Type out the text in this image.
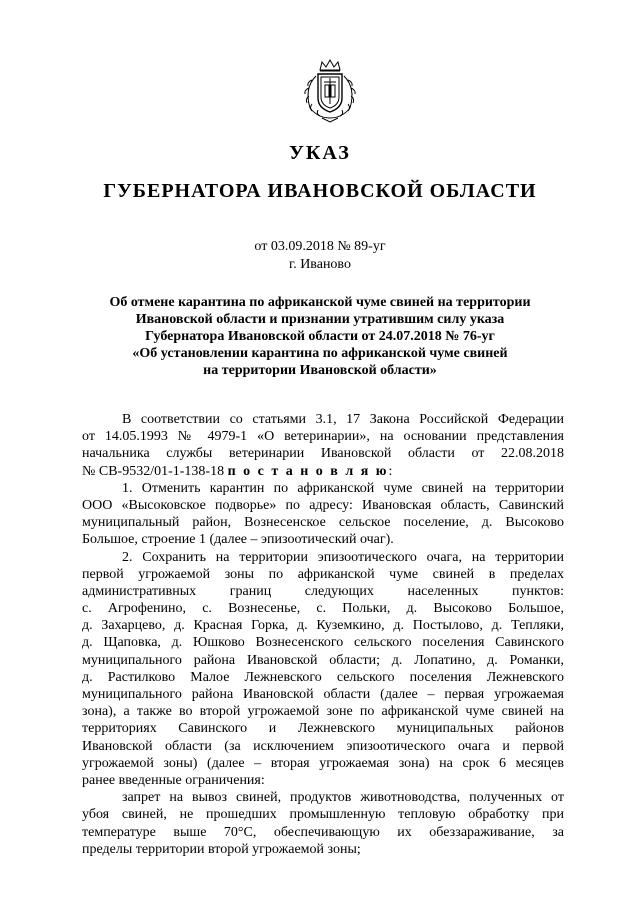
УКАЗ
ГУБЕРНАТОРА ИВАНОВСКОЙ ОБЛАСТИ
от 03.09.2018 № 89-уг
г. Иваново
Об отмене карантина по африканской чуме свиней на территории
Ивановской области и признании утратившим силу указа
Губернатора Ивановской области от 24.07.2018 № 76-уг
«Об установлении карантина по африканской чуме свиней
на территории Ивановской области»
В соответствии со статьями 3.1, 17 Закона Российской Федерации
от 14.05.1993 № 4979-1 «О ветеринарии», на основании представления
начальника службы ветеринарии Ивановской области от 22.08.2018
№ СВ-9532/01-1-138-18 п о с т а н о в л я ю:
1. Отменить карантин по африканской чуме свиней на территории
ООО «Высоковское подворье» по адресу: Ивановская область, Савинский
муниципальный район, Вознесенское сельское поселение, д. Высоково
Большое, строение 1 (далее – эпизоотический очаг).
2. Сохранить на территории эпизоотического очага, на территории
первой угрожаемой зоны по африканской чуме свиней в пределах
административных границ следующих населенных пунктов:
с. Агрофенино, с. Вознесенье, с. Польки, д. Высоково Большое,
д. Захарцево, д. Красная Горка, д. Куземкино, д. Постылово, д. Тепляки,
д. Щаповка, д. Юшково Вознесенского сельского поселения Савинского
муниципального района Ивановской области; д. Лопатино, д. Романки,
д. Растилково Малое Лежневского сельского поселения Лежневского
муниципального района Ивановской области (далее – первая угрожаемая
зона), а также во второй угрожаемой зоне по африканской чуме свиней на
территориях Савинского и Лежневского муниципальных районов
Ивановской области (за исключением эпизоотического очага и первой
угрожаемой зоны) (далее – вторая угрожаемая зона) на срок 6 месяцев
ранее введенные ограничения:
запрет на вывоз свиней, продуктов животноводства, полученных от
убоя свиней, не прошедших промышленную тепловую обработку при
температуре выше 70°С, обеспечивающую их обеззараживание, за
пределы территории второй угрожаемой зоны;
